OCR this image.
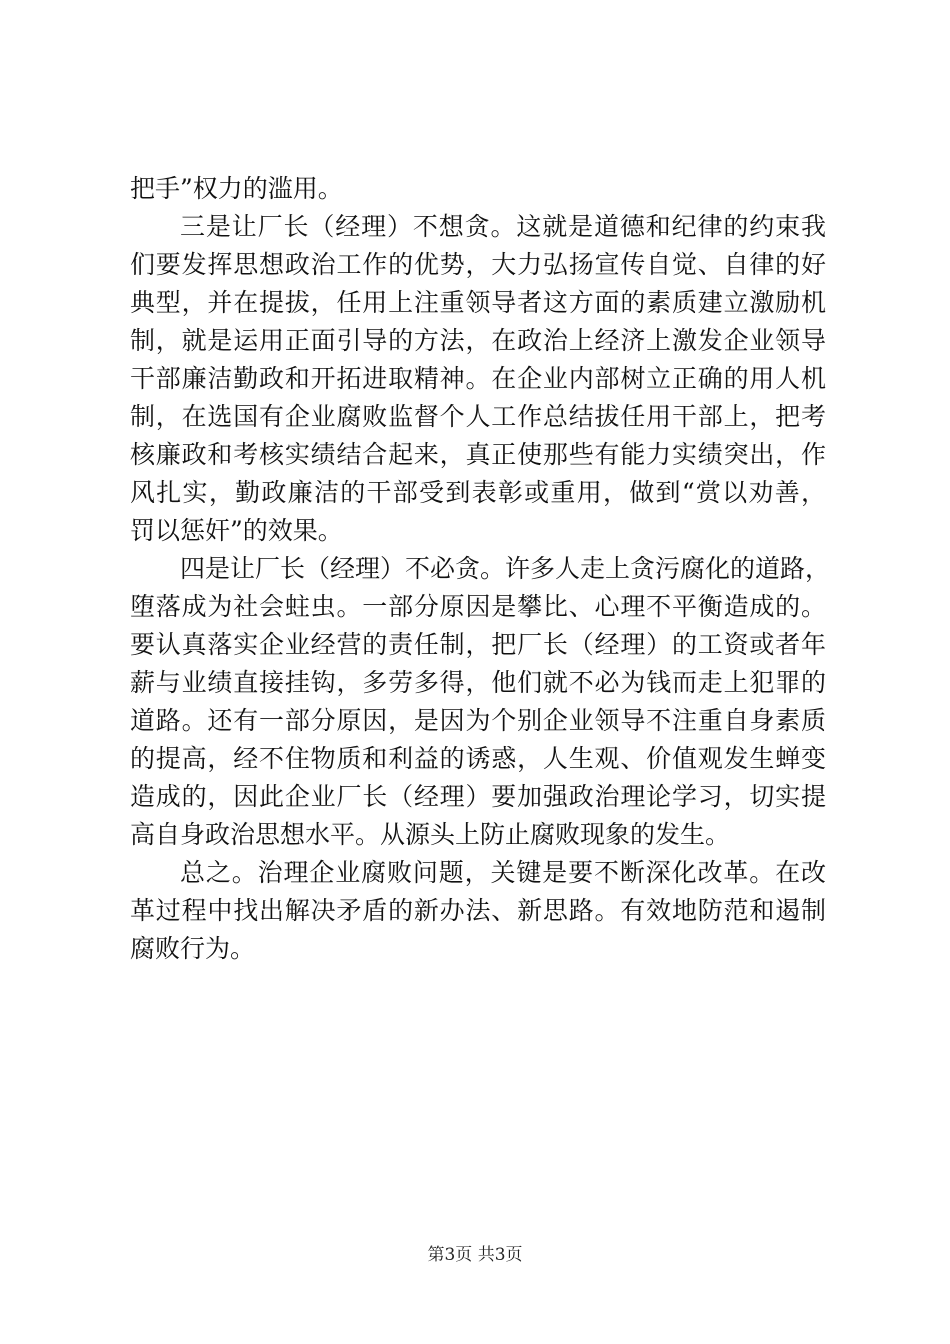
把手”权力的滥用。
三是让厂长（经理）不想贪。这就是道德和纪律的约束我
们要发挥思想政治工作的优势，大力弘扬宣传自觉、自律的好
典型，并在提拔，任用上注重领导者这方面的素质建立激励机
制，就是运用正面引导的方法，在政治上经济上激发企业领导
干部廉洁勤政和开拓进取精神。在企业内部树立正确的用人机
制，在选国有企业腐败监督个人工作总结拔任用干部上，把考
核廉政和考核实绩结合起来，真正使那些有能力实绩突出，作
风扎实，勤政廉洁的干部受到表彰或重用，做到“赏以劝善，
罚以惩奸”的效果。
四是让厂长（经理）不必贪。许多人走上贪污腐化的道路，
堕落成为社会蛀虫。一部分原因是攀比、心理不平衡造成的。
要认真落实企业经营的责任制，把厂长（经理）的工资或者年
薪与业绩直接挂钩，多劳多得，他们就不必为钱而走上犯罪的
道路。还有一部分原因，是因为个别企业领导不注重自身素质
的提高，经不住物质和利益的诱惑，人生观、价值观发生蝉变
造成的，因此企业厂长（经理）要加强政治理论学习，切实提
高自身政治思想水平。从源头上防止腐败现象的发生。
总之。治理企业腐败问题，关键是要不断深化改革。在改
革过程中找出解决矛盾的新办法、新思路。有效地防范和遏制
腐败行为。
第3页 共3页
